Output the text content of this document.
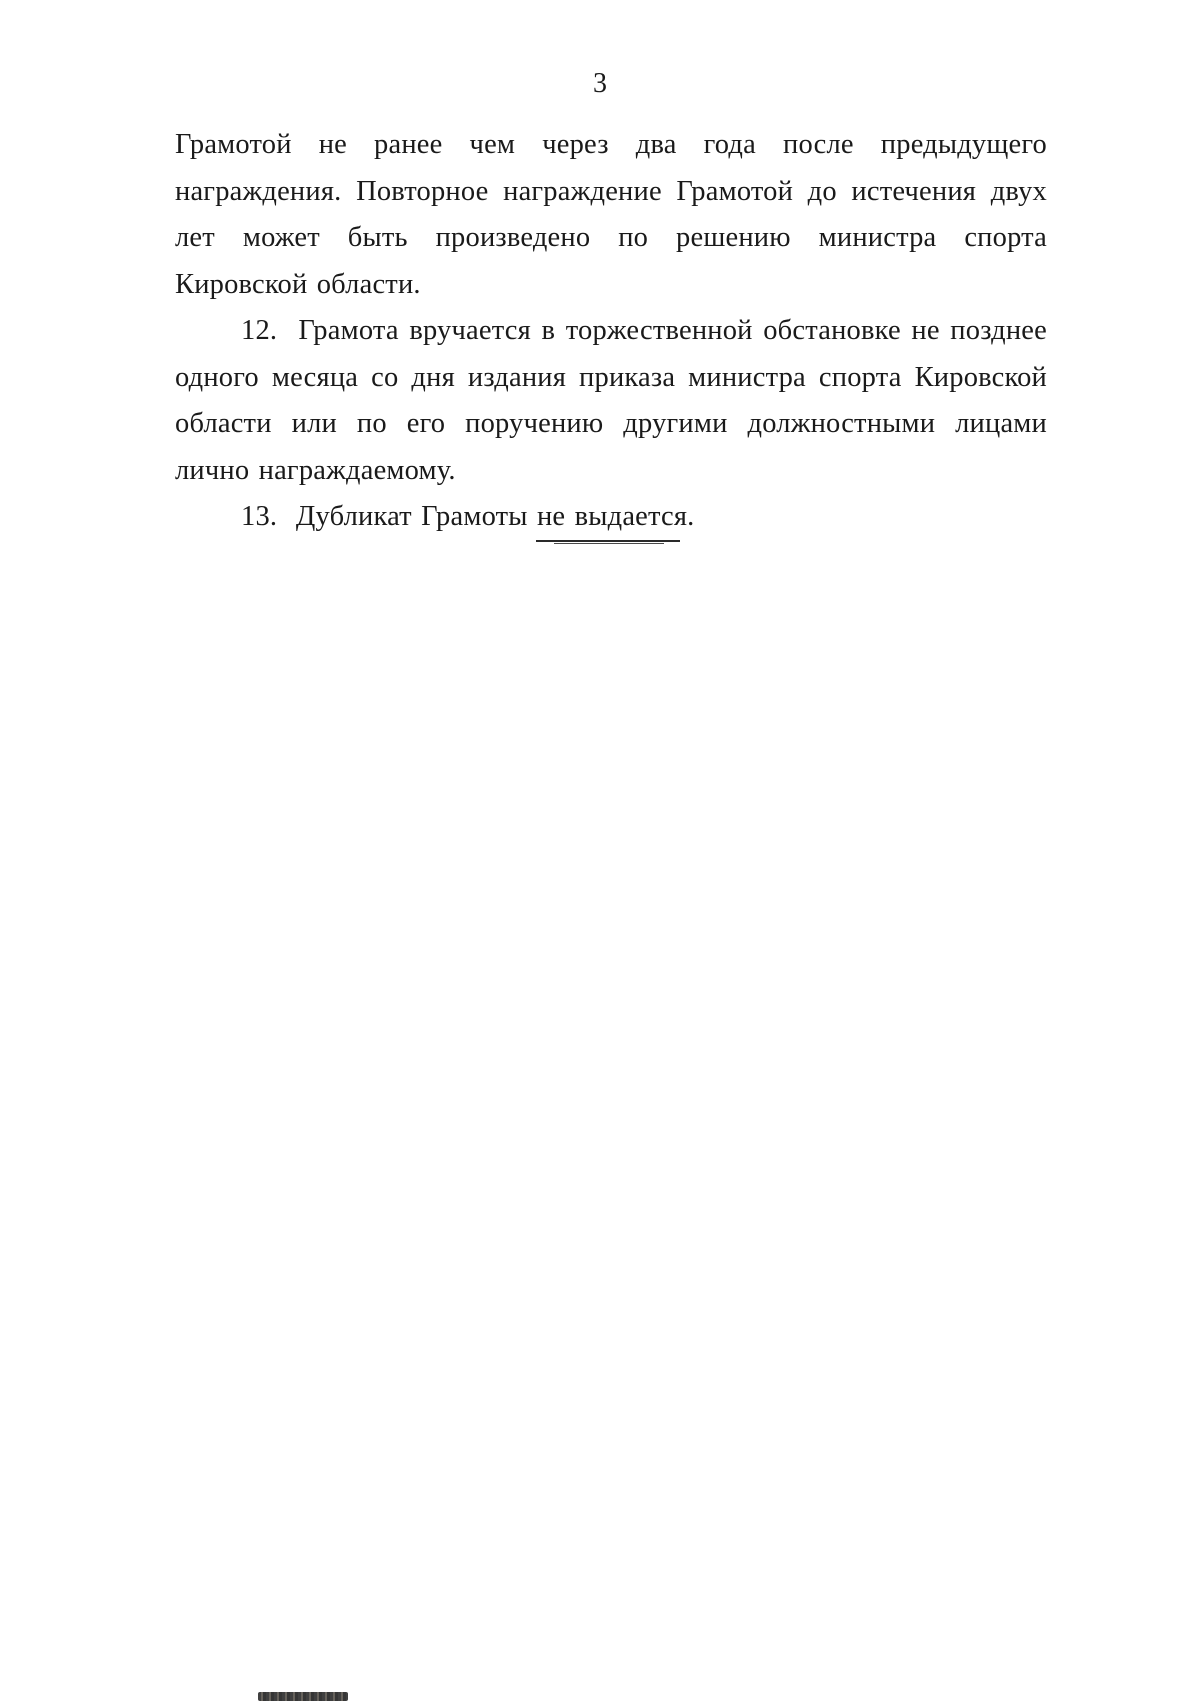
3

Грамотой не ранее чем через два года после предыдущего награждения. Повторное награждение Грамотой до истечения двух лет может быть произведено по решению министра спорта Кировской области.

12.  Грамота вручается в торжественной обстановке не позднее одного месяца со дня издания приказа министра спорта Кировской области или по его поручению другими должностными лицами лично награждаемому.

13.  Дубликат Грамоты не выдается.
